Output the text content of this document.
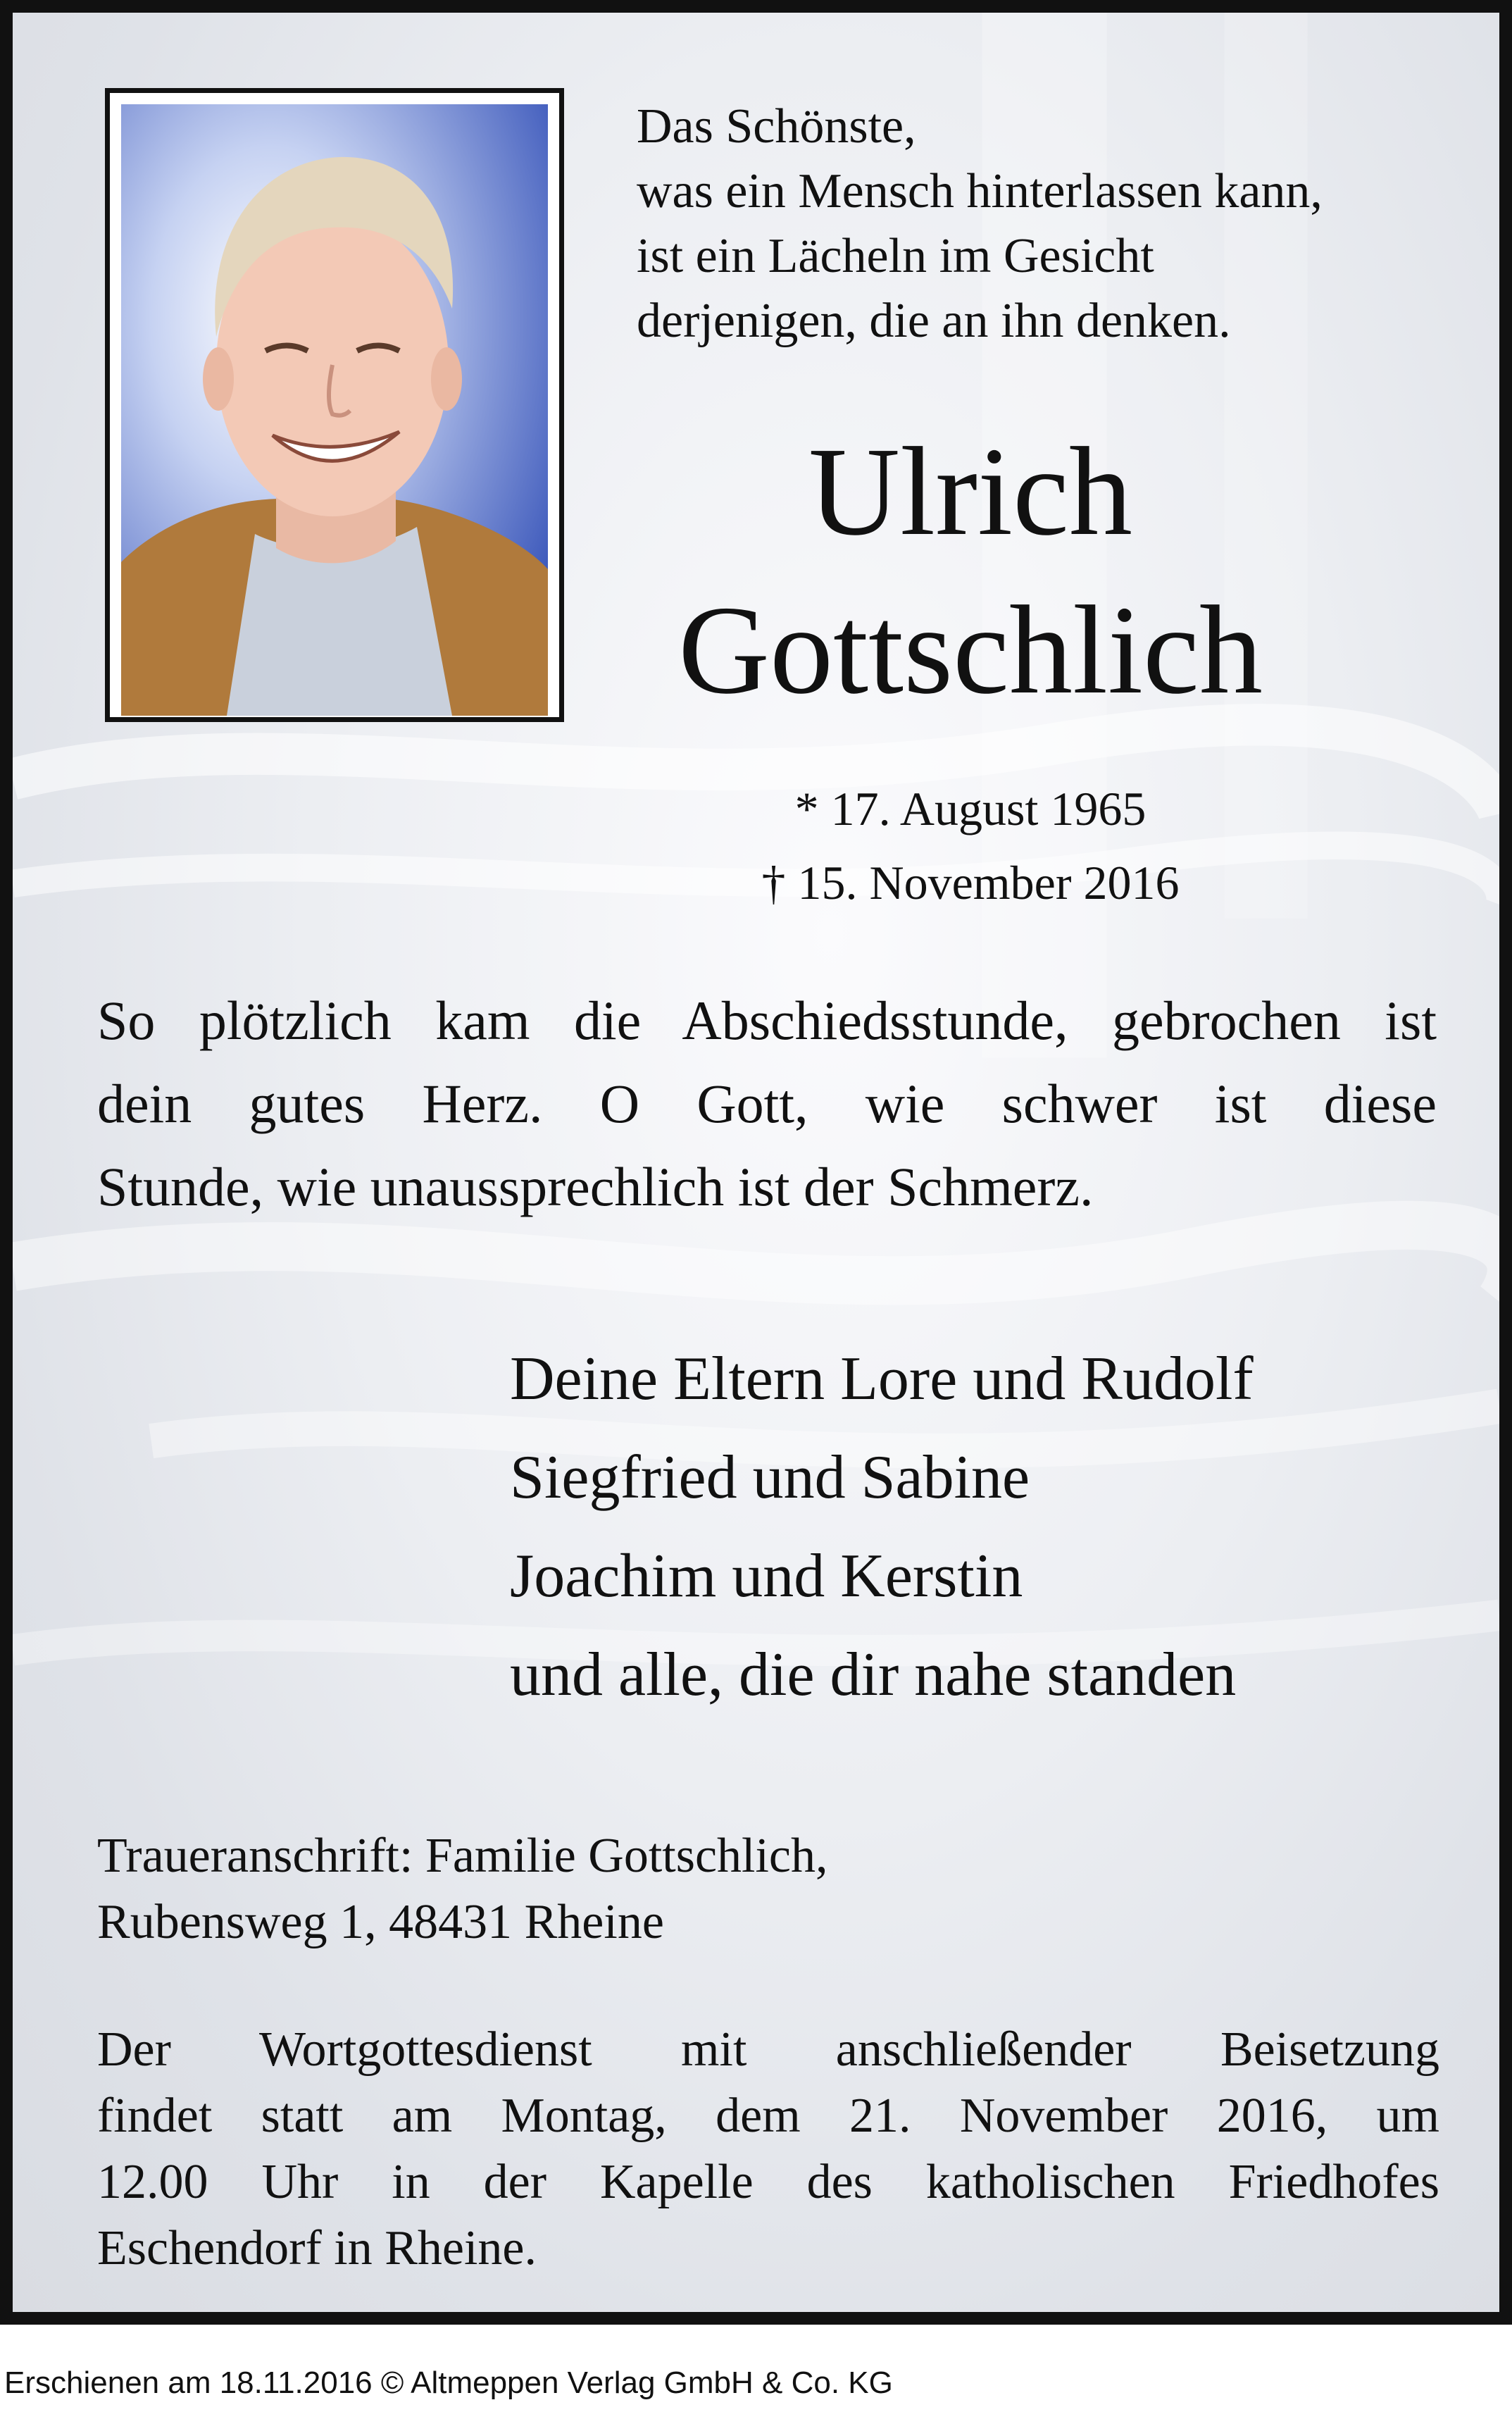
Das Schönste,
was ein Mensch hinterlassen kann,
ist ein Lächeln im Gesicht
derjenigen, die an ihn denken.
Ulrich
Gottschlich
* 17. August 1965
† 15. November 2016
So plötzlich kam die Abschiedsstunde, gebrochen ist
dein gutes Herz. O Gott, wie schwer ist diese
Stunde, wie unaussprechlich ist der Schmerz.
Deine Eltern Lore und Rudolf
Siegfried und Sabine
Joachim und Kerstin
und alle, die dir nahe standen
Traueranschrift: Familie Gottschlich,
Rubensweg 1, 48431 Rheine
Der Wortgottesdienst mit anschließender Beisetzung
findet statt am Montag, dem 21. November 2016, um
12.00 Uhr in der Kapelle des katholischen Friedhofes
Eschendorf in Rheine.
Erschienen am 18.11.2016 © Altmeppen Verlag GmbH & Co. KG
